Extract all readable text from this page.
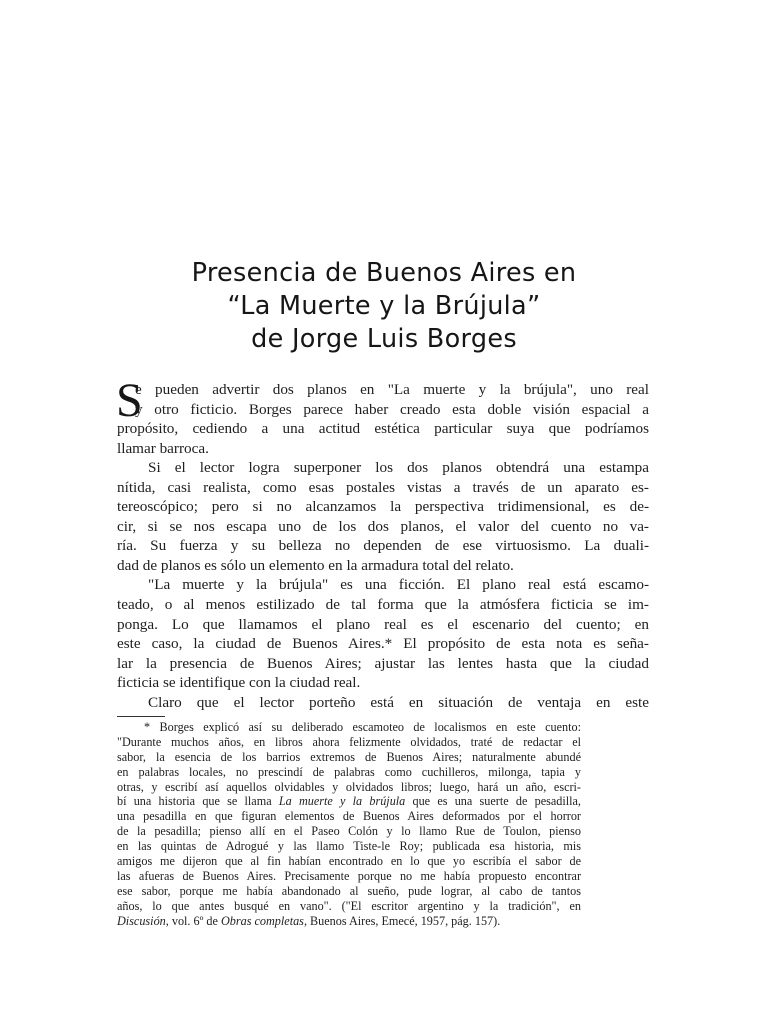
Presencia de Buenos Aires en
“La Muerte y la Brújula”
de Jorge Luis Borges
S
e pueden advertir dos planos en "La muerte y la brújula", uno real
y otro ficticio. Borges parece haber creado esta doble visión espacial a
propósito, cediendo a una actitud estética particular suya que podríamos
llamar barroca.
Si el lector logra superponer los dos planos obtendrá una estampa
nítida, casi realista, como esas postales vistas a través de un aparato es-
tereoscópico; pero si no alcanzamos la perspectiva tridimensional, es de-
cir, si se nos escapa uno de los dos planos, el valor del cuento no va-
ría. Su fuerza y su belleza no dependen de ese virtuosismo. La duali-
dad de planos es sólo un elemento en la armadura total del relato.
"La muerte y la brújula" es una ficción. El plano real está escamo-
teado, o al menos estilizado de tal forma que la atmósfera ficticia se im-
ponga. Lo que llamamos el plano real es el escenario del cuento; en
este caso, la ciudad de Buenos Aires.* El propósito de esta nota es seña-
lar la presencia de Buenos Aires; ajustar las lentes hasta que la ciudad
ficticia se identifique con la ciudad real.
Claro que el lector porteño está en situación de ventaja en este
* Borges explicó así su deliberado escamoteo de localismos en este cuento:
"Durante muchos años, en libros ahora felizmente olvidados, traté de redactar el
sabor, la esencia de los barrios extremos de Buenos Aires; naturalmente abundé
en palabras locales, no prescindí de palabras como cuchilleros, milonga, tapia y
otras, y escribí así aquellos olvidables y olvidados libros; luego, hará un año, escri-
bí una historia que se llama La muerte y la brújula que es una suerte de pesadilla,
una pesadilla en que figuran elementos de Buenos Aires deformados por el horror
de la pesadilla; pienso allí en el Paseo Colón y lo llamo Rue de Toulon, pienso
en las quintas de Adrogué y las llamo Tiste-le Roy; publicada esa historia, mis
amigos me dijeron que al fin habían encontrado en lo que yo escribía el sabor de
las afueras de Buenos Aires. Precisamente porque no me había propuesto encontrar
ese sabor, porque me había abandonado al sueño, pude lograr, al cabo de tantos
años, lo que antes busqué en vano". ("El escritor argentino y la tradición", en
Discusión, vol. 6º de Obras completas, Buenos Aires, Emecé, 1957, pág. 157).
